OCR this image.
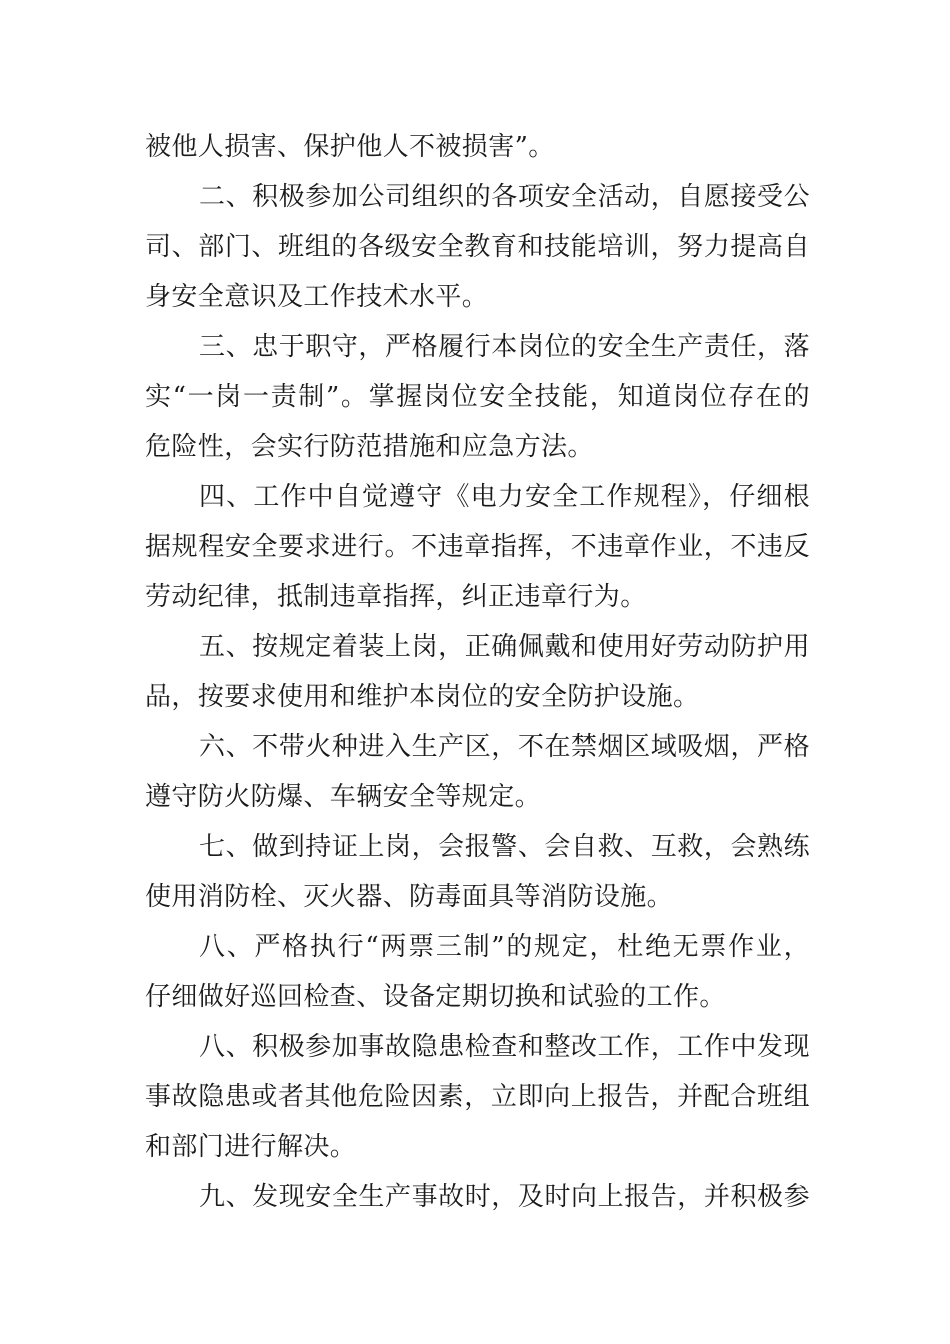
被他人损害、保护他人不被损害”。
二、积极参加公司组织的各项安全活动，自愿接受公
司、部门、班组的各级安全教育和技能培训，努力提高自
身安全意识及工作技术水平。
三、忠于职守，严格履行本岗位的安全生产责任，落
实“一岗一责制”。掌握岗位安全技能，知道岗位存在的
危险性，会实行防范措施和应急方法。
四、工作中自觉遵守《电力安全工作规程》，仔细根
据规程安全要求进行。不违章指挥，不违章作业，不违反
劳动纪律，抵制违章指挥，纠正违章行为。
五、按规定着装上岗，正确佩戴和使用好劳动防护用
品，按要求使用和维护本岗位的安全防护设施。
六、不带火种进入生产区，不在禁烟区域吸烟，严格
遵守防火防爆、车辆安全等规定。
七、做到持证上岗，会报警、会自救、互救，会熟练
使用消防栓、灭火器、防毒面具等消防设施。
八、严格执行“两票三制”的规定，杜绝无票作业，
仔细做好巡回检查、设备定期切换和试验的工作。
八、积极参加事故隐患检查和整改工作，工作中发现
事故隐患或者其他危险因素，立即向上报告，并配合班组
和部门进行解决。
九、发现安全生产事故时，及时向上报告，并积极参
